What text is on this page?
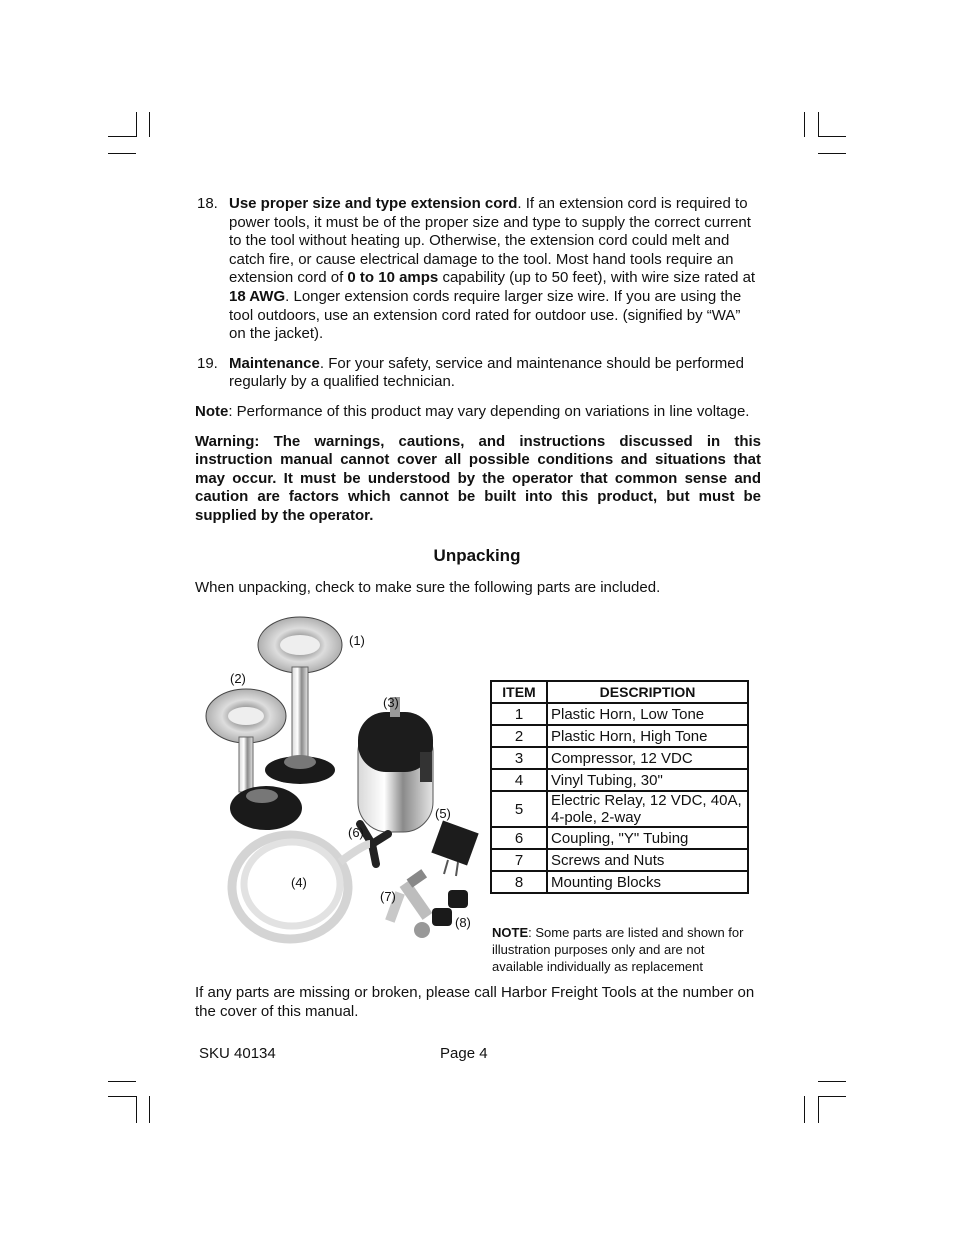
18. Use proper size and type extension cord. If an extension cord is required to power tools, it must be of the proper size and type to supply the correct current to the tool without heating up. Otherwise, the extension cord could melt and catch fire, or cause electrical damage to the tool. Most hand tools require an extension cord of 0 to 10 amps capability (up to 50 feet), with wire size rated at 18 AWG. Longer extension cords require larger size wire. If you are using the tool outdoors, use an extension cord rated for outdoor use. (signified by “WA” on the jacket).
19. Maintenance. For your safety, service and maintenance should be performed regularly by a qualified technician.

Note: Performance of this product may vary depending on variations in line voltage.

Warning: The warnings, cautions, and instructions discussed in this instruction manual cannot cover all possible conditions and situations that may occur. It must be understood by the operator that common sense and caution are factors which cannot be built into this product, but must be supplied by the operator.

Unpacking
When unpacking, check to make sure the following parts are included.
(1)
(2)
(3)
(4)
(5)
(6)
(7)
(8)
ITEM	DESCRIPTION
1	Plastic Horn, Low Tone
2	Plastic Horn, High Tone
3	Compressor, 12 VDC
4	Vinyl Tubing, 30"
5	Electric Relay, 12 VDC, 40A, 4-pole, 2-way
6	Coupling, "Y" Tubing
7	Screws and Nuts
8	Mounting Blocks
NOTE: Some parts are listed and shown for illustration purposes only and are not available individually as replacement
If any parts are missing or broken, please call Harbor Freight Tools at the number on the cover of this manual.
SKU 40134	Page 4
